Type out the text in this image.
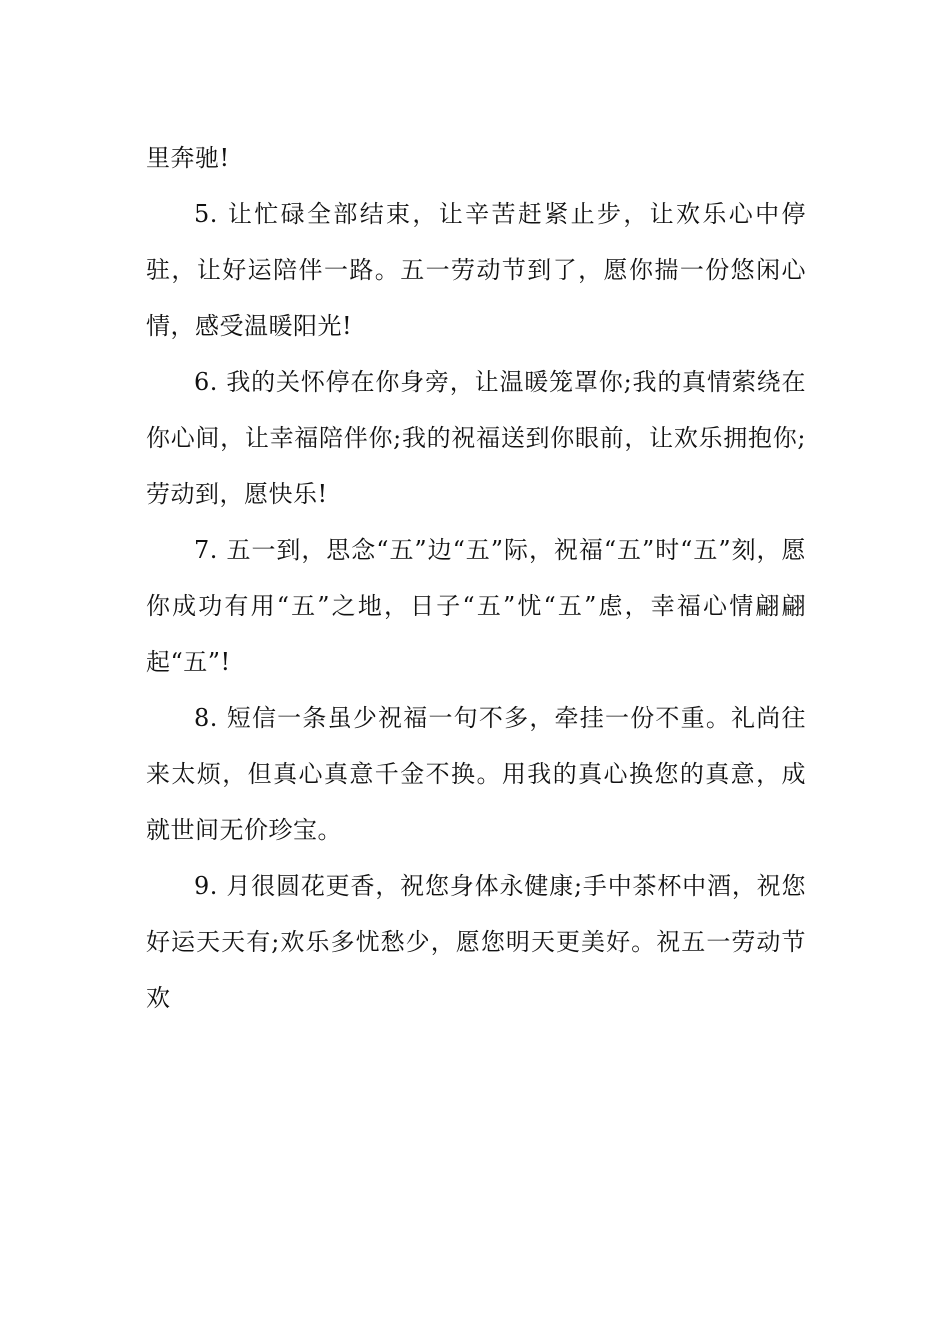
里奔驰!

5. 让忙碌全部结束，让辛苦赶紧止步，让欢乐心中停驻，让好运陪伴一路。五一劳动节到了，愿你揣一份悠闲心情，感受温暖阳光!

6. 我的关怀停在你身旁，让温暖笼罩你;我的真情萦绕在你心间，让幸福陪伴你;我的祝福送到你眼前，让欢乐拥抱你;劳动到，愿快乐!

7. 五一到，思念“五”边“五”际，祝福“五”时“五”刻，愿你成功有用“五”之地，日子“五”忧“五”虑，幸福心情翩翩起“五”!

8. 短信一条虽少祝福一句不多，牵挂一份不重。礼尚往来太烦，但真心真意千金不换。用我的真心换您的真意，成就世间无价珍宝。

9. 月很圆花更香，祝您身体永健康;手中茶杯中酒，祝您好运天天有;欢乐多忧愁少，愿您明天更美好。祝五一劳动节欢
